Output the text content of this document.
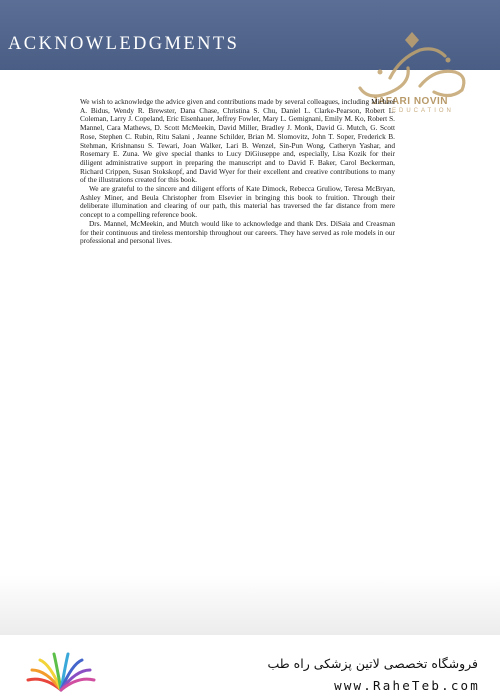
ACKNOWLEDGMENTS
JAFARI NOVIN
EDUCATION

We wish to acknowledge the advice given and contributions made by several colleagues, including Michael A. Bidus, Wendy R. Brewster, Dana Chase, Christina S. Chu, Daniel L. Clarke-Pearson, Robert L. Coleman, Larry J. Copeland, Eric Eisenhauer, Jeffrey Fowler, Mary L. Gemignani, Emily M. Ko, Robert S. Mannel, Cara Mathews, D. Scott McMeekin, David Miller, Bradley J. Monk, David G. Mutch, G. Scott Rose, Stephen C. Rubin, Ritu Salani , Jeanne Schilder, Brian M. Slomovitz, John T. Soper, Frederick B. Stehman, Krishnansu S. Tewari, Joan Walker, Lari B. Wenzel, Sin-Pun Wong, Catheryn Yashar, and Rosemary E. Zuna. We give special thanks to Lucy DiGiuseppe and, especially, Lisa Kozik for their diligent administrative support in preparing the manuscript and to David F. Baker, Carol Beckerman, Richard Crippen, Susan Stokskopf, and David Wyer for their excellent and creative contributions to many of the illustrations created for this book.

We are grateful to the sincere and diligent efforts of Kate Dimock, Rebecca Gruliow, Teresa McBryan, Ashley Miner, and Beula Christopher from Elsevier in bringing this book to fruition. Through their deliberate illumination and clearing of our path, this material has traversed the far distance from mere concept to a compelling reference book.

Drs. Mannel, McMeekin, and Mutch would like to acknowledge and thank Drs. DiSaia and Creasman for their continuous and tireless mentorship throughout our careers. They have served as role models in our professional and personal lives.

فروشگاه تخصصی لاتین پزشکی راه طب
www.RaheTeb.com
